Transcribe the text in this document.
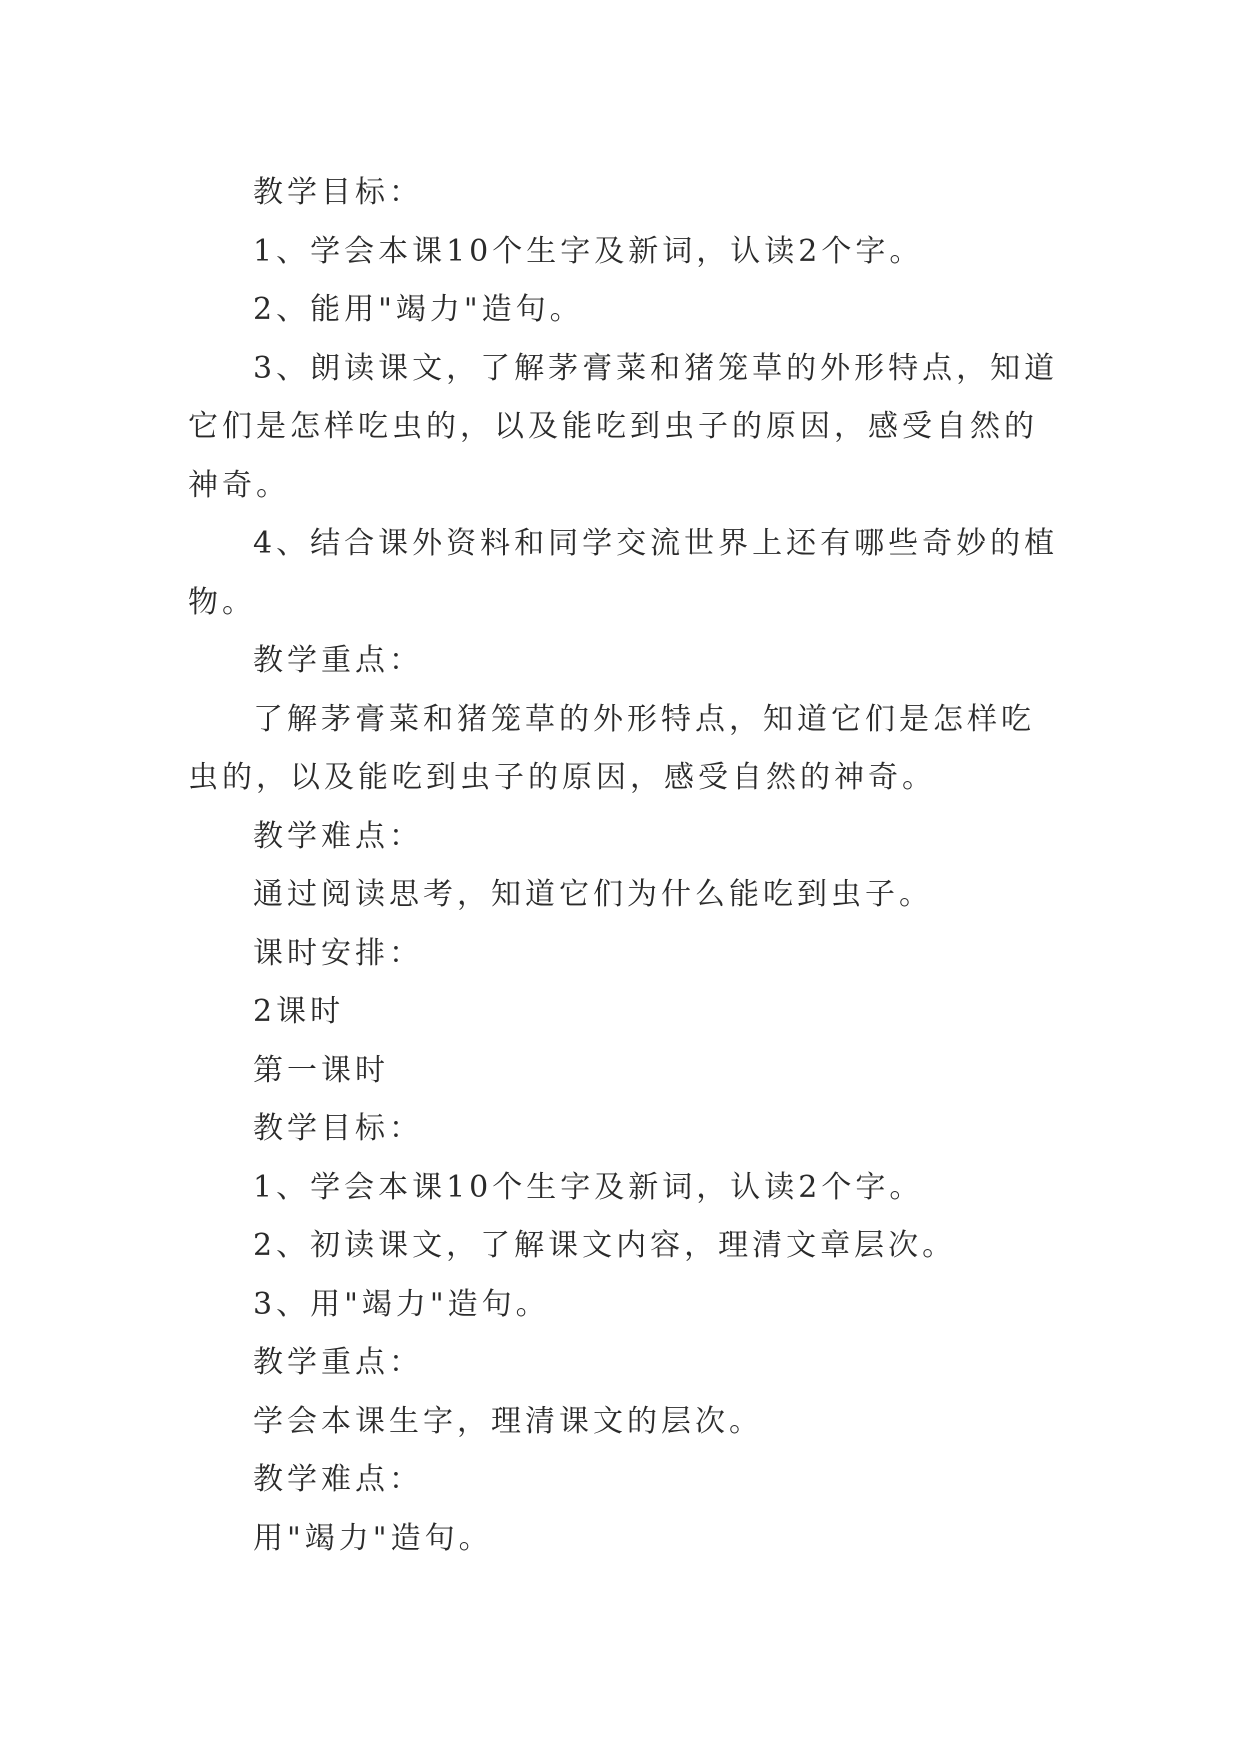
教学目标：

1、学会本课10个生字及新词，认读2个字。

2、能用"竭力"造句。

3、朗读课文，了解茅膏菜和猪笼草的外形特点，知道它们是怎样吃虫的，以及能吃到虫子的原因，感受自然的神奇。

4、结合课外资料和同学交流世界上还有哪些奇妙的植物。

教学重点：

了解茅膏菜和猪笼草的外形特点，知道它们是怎样吃虫的，以及能吃到虫子的原因，感受自然的神奇。

教学难点：

通过阅读思考，知道它们为什么能吃到虫子。

课时安排：

2课时

第一课时

教学目标：

1、学会本课10个生字及新词，认读2个字。

2、初读课文，了解课文内容，理清文章层次。

3、用"竭力"造句。

教学重点：

学会本课生字，理清课文的层次。

教学难点：

用"竭力"造句。
